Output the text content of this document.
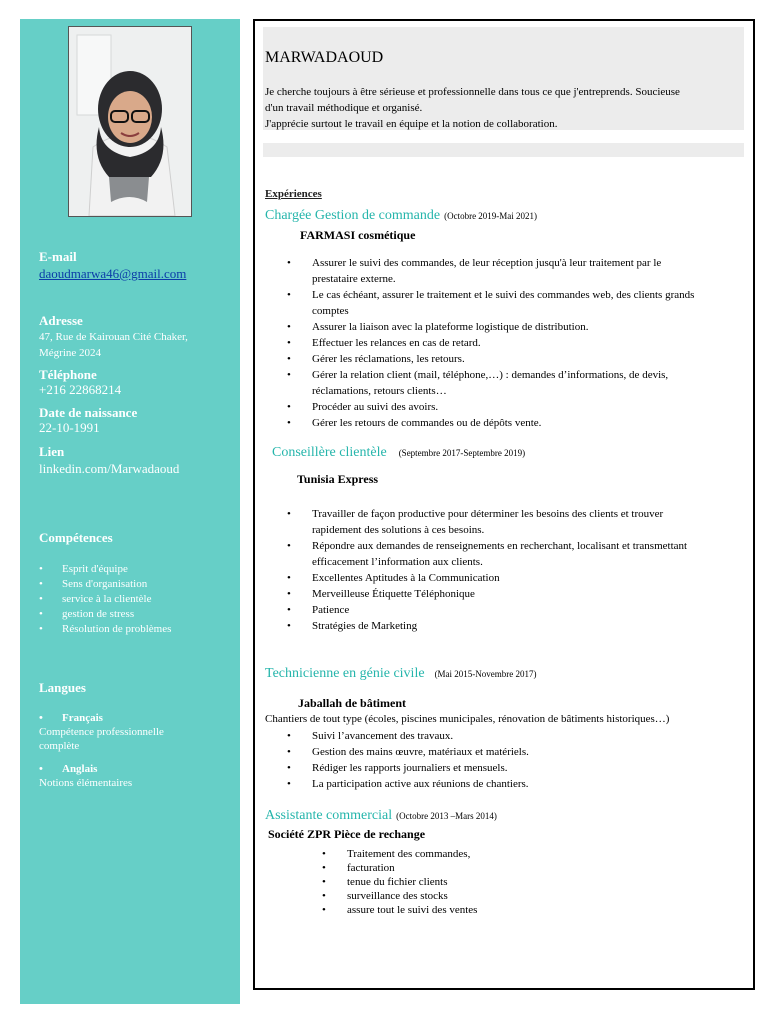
E-mail
daoudmarwa46@gmail.com
Adresse
47, Rue de Kairouan Cité Chaker,
Mégrine 2024
Téléphone
+216 22868214
Date de naissance
22-10-1991
Lien
linkedin.com/Marwadaoud
Compétences
• Esprit d'équipe
• Sens d'organisation
• service à la clientèle
• gestion de stress
• Résolution de problèmes
Langues
• Français
Compétence professionnelle
complète
• Anglais
Notions élémentaires
MARWADAOUD
Je cherche toujours à être sérieuse et professionnelle dans tous ce que j'entreprends. Soucieuse
d'un travail méthodique et organisé.
J'apprécie surtout le travail en équipe et la notion de collaboration.
Expériences
Chargée Gestion de commande (Octobre 2019-Mai 2021)
FARMASI cosmétique
• Assurer le suivi des commandes, de leur réception jusqu'à leur traitement par le
prestataire externe.
• Le cas échéant, assurer le traitement et le suivi des commandes web, des clients grands
comptes
• Assurer la liaison avec la plateforme logistique de distribution.
• Effectuer les relances en cas de retard.
• Gérer les réclamations, les retours.
• Gérer la relation client (mail, téléphone,…) : demandes d’informations, de devis,
réclamations, retours clients…
• Procéder au suivi des avoirs.
• Gérer les retours de commandes ou de dépôts vente.
Conseillère clientèle (Septembre 2017-Septembre 2019)
Tunisia Express
• Travailler de façon productive pour déterminer les besoins des clients et trouver
rapidement des solutions à ces besoins.
• Répondre aux demandes de renseignements en recherchant, localisant et transmettant
efficacement l’information aux clients.
• Excellentes Aptitudes à la Communication
• Merveilleuse Étiquette Téléphonique
• Patience
• Stratégies de Marketing
Technicienne en génie civile (Mai 2015-Novembre 2017)
Jaballah de bâtiment
Chantiers de tout type (écoles, piscines municipales, rénovation de bâtiments historiques…)
• Suivi l’avancement des travaux.
• Gestion des mains œuvre, matériaux et matériels.
• Rédiger les rapports journaliers et mensuels.
• La participation active aux réunions de chantiers.
Assistante commercial (Octobre 2013 –Mars 2014)
Société ZPR Pièce de rechange
• Traitement des commandes,
• facturation
• tenue du fichier clients
• surveillance des stocks
• assure tout le suivi des ventes
